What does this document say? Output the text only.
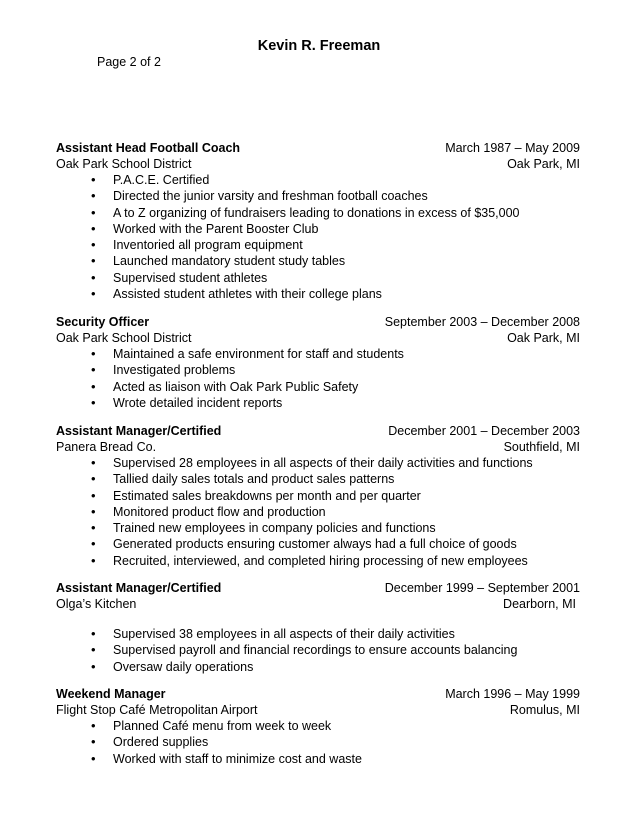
Kevin R. Freeman
Page 2 of 2
Assistant Head Football Coach	March 1987 – May 2009
Oak Park School District	Oak Park, MI
• P.A.C.E. Certified
• Directed the junior varsity and freshman football coaches
• A to Z organizing of fundraisers leading to donations in excess of $35,000
• Worked with the Parent Booster Club
• Inventoried all program equipment
• Launched mandatory student study tables
• Supervised student athletes
• Assisted student athletes with their college plans
Security Officer	September 2003 – December 2008
Oak Park School District	Oak Park, MI
• Maintained a safe environment for staff and students
• Investigated problems
• Acted as liaison with Oak Park Public Safety
• Wrote detailed incident reports
Assistant Manager/Certified	December 2001 – December 2003
Panera Bread Co.	Southfield, MI
• Supervised 28 employees in all aspects of their daily activities and functions
• Tallied daily sales totals and product sales patterns
• Estimated sales breakdowns per month and per quarter
• Monitored product flow and production
• Trained new employees in company policies and functions
• Generated products ensuring customer always had a full choice of goods
• Recruited, interviewed, and completed hiring processing of new employees
Assistant Manager/Certified	December 1999 – September 2001
Olga’s Kitchen	Dearborn, MI
• Supervised 38 employees in all aspects of their daily activities
• Supervised payroll and financial recordings to ensure accounts balancing
• Oversaw daily operations
Weekend Manager	March 1996 – May 1999
Flight Stop Café Metropolitan Airport	Romulus, MI
• Planned Café menu from week to week
• Ordered supplies
• Worked with staff to minimize cost and waste
